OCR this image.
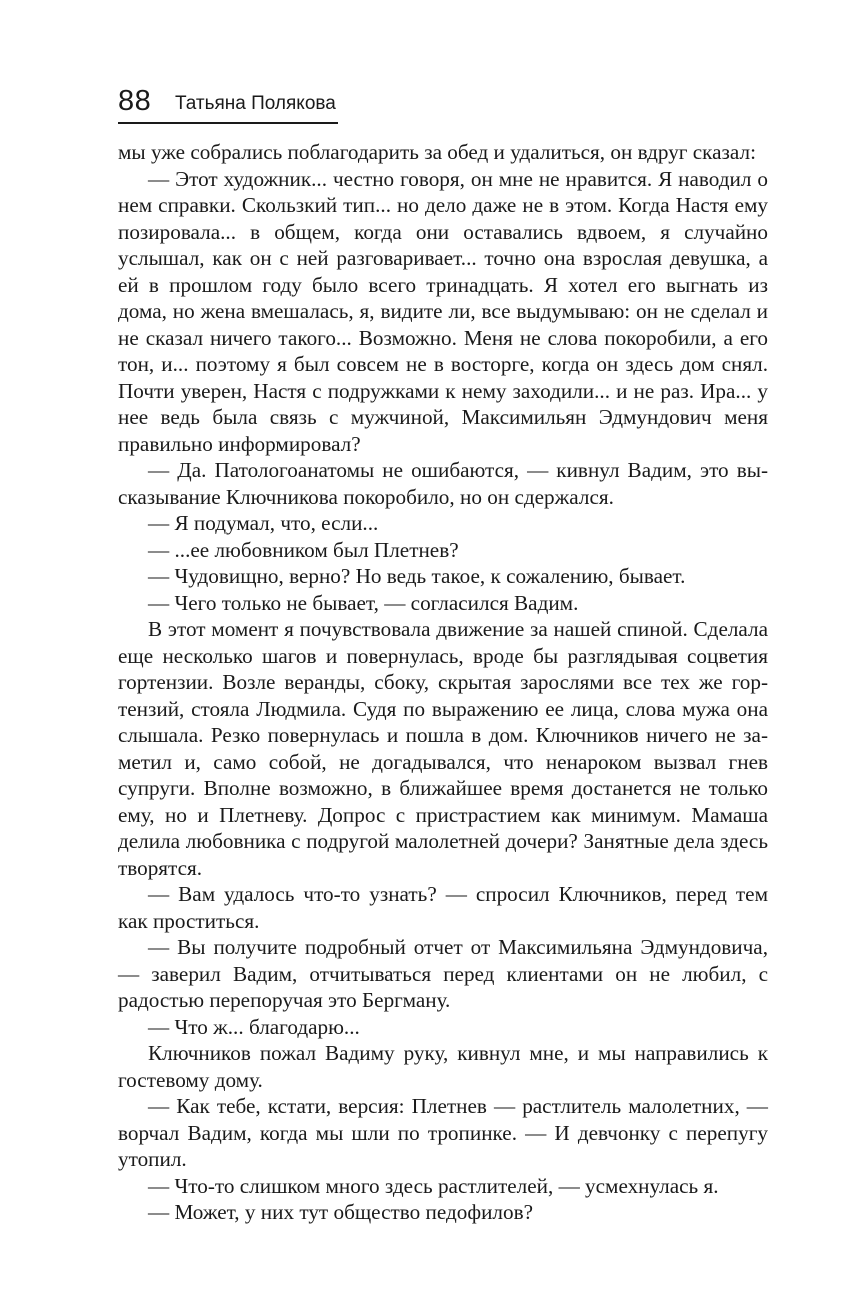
88 Татьяна Полякова

мы уже собрались поблагодарить за обед и удалиться, он вдруг сказал:

— Этот художник... честно говоря, он мне не нравится. Я наводил о нем справки. Скользкий тип... но дело даже не в этом. Когда Настя ему позировала... в общем, когда они оставались вдвоем, я случайно услышал, как он с ней разговаривает... точно она взрослая девушка, а ей в прошлом году было всего тринадцать. Я хотел его выгнать из дома, но жена вмешалась, я, видите ли, все выдумываю: он не сделал и не сказал ничего такого... Возможно. Меня не слова покоробили, а его тон, и... поэтому я был совсем не в восторге, когда он здесь дом снял. Почти уверен, Настя с подружками к нему заходили... и не раз. Ира... у нее ведь была связь с мужчиной, Максимильян Эдмундович меня правильно информировал?

— Да. Патологоанатомы не ошибаются, — кивнул Вадим, это высказывание Ключникова покоробило, но он сдержался.

— Я подумал, что, если...

— ...ее любовником был Плетнев?

— Чудовищно, верно? Но ведь такое, к сожалению, бывает.

— Чего только не бывает, — согласился Вадим.

В этот момент я почувствовала движение за нашей спиной. Сделала еще несколько шагов и повернулась, вроде бы разглядывая соцветия гортензии. Возле веранды, сбоку, скрытая зарослями все тех же гортензий, стояла Людмила. Судя по выражению ее лица, слова мужа она слышала. Резко повернулась и пошла в дом. Ключников ничего не заметил и, само собой, не догадывался, что ненароком вызвал гнев супруги. Вполне возможно, в ближайшее время достанется не только ему, но и Плетневу. Допрос с пристрастием как минимум. Мамаша делила любовника с подругой малолетней дочери? Занятные дела здесь творятся.

— Вам удалось что-то узнать? — спросил Ключников, перед тем как проститься.

— Вы получите подробный отчет от Максимильяна Эдмундовича, — заверил Вадим, отчитываться перед клиентами он не любил, с радостью перепоручая это Бергману.

— Что ж... благодарю...

Ключников пожал Вадиму руку, кивнул мне, и мы направились к гостевому дому.

— Как тебе, кстати, версия: Плетнев — растлитель малолетних, — ворчал Вадим, когда мы шли по тропинке. — И девчонку с перепугу утопил.

— Что-то слишком много здесь растлителей, — усмехнулась я.

— Может, у них тут общество педофилов?
